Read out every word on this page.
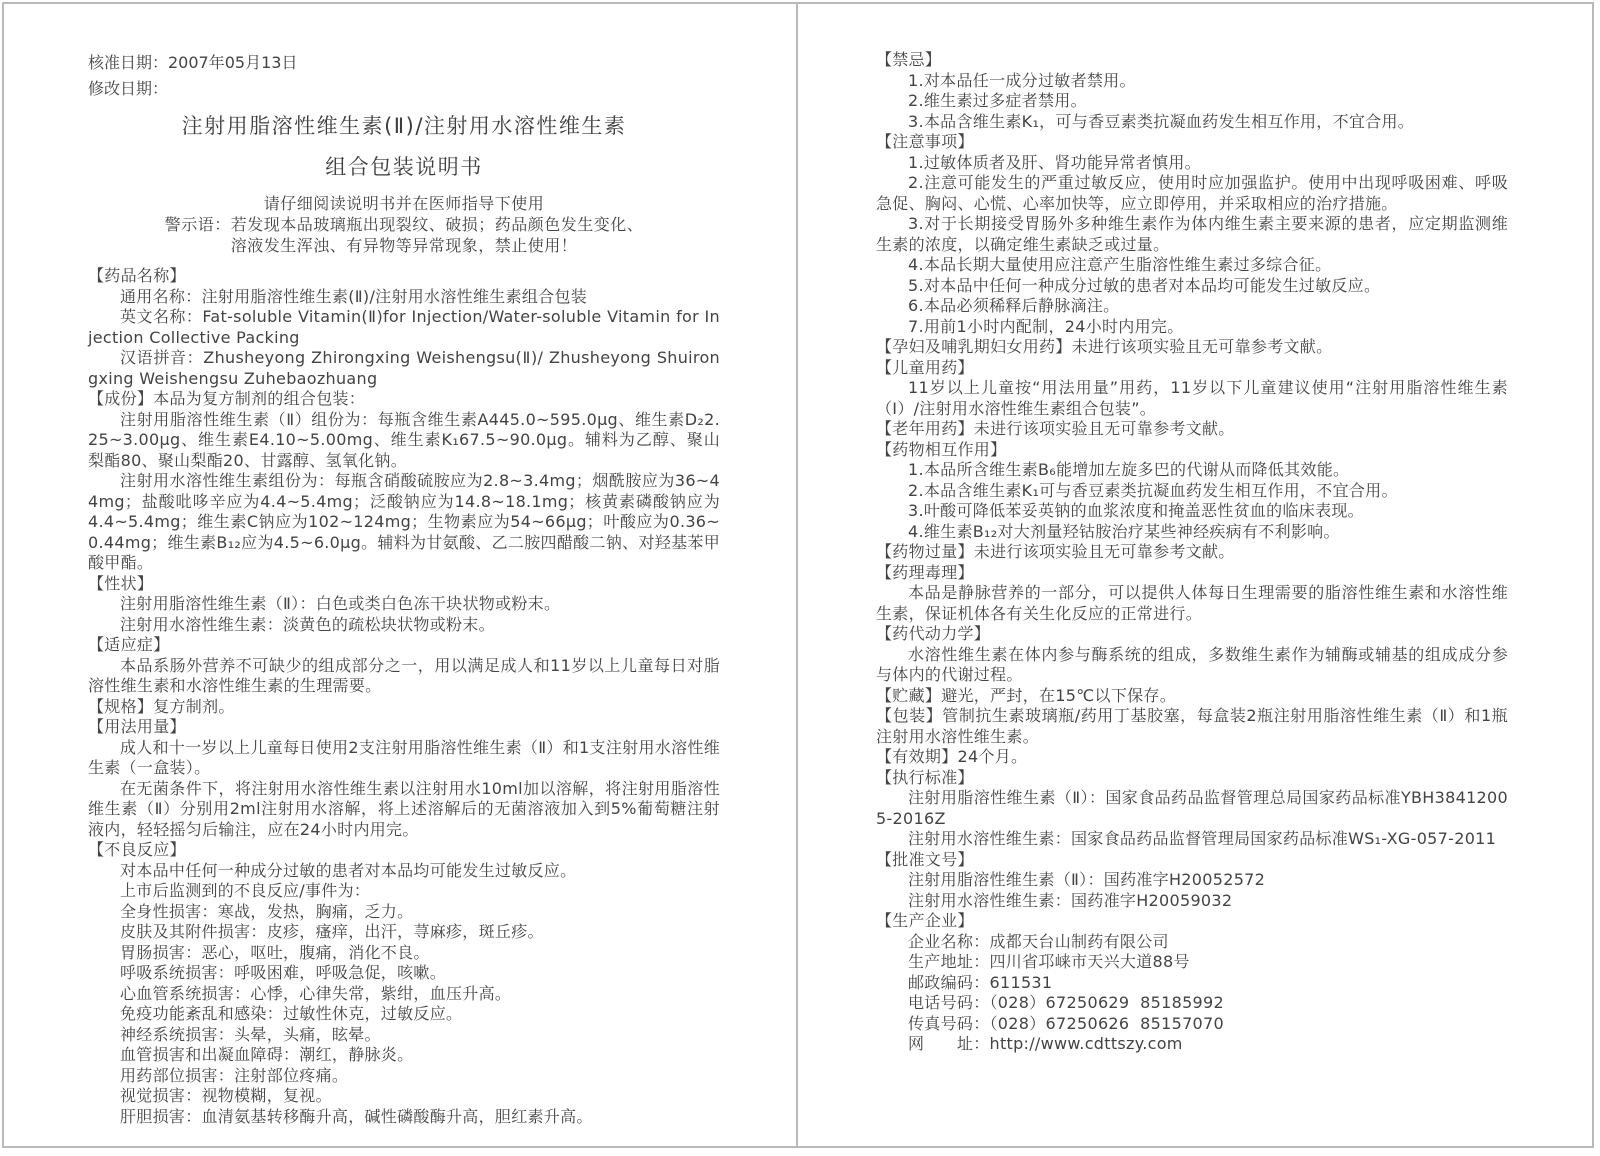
核准日期：2007年05月13日
修改日期：
注射用脂溶性维生素(Ⅱ)/注射用水溶性维生素
组合包装说明书
请仔细阅读说明书并在医师指导下使用
警示语：若发现本品玻璃瓶出现裂纹、破损；药品颜色发生变化、
溶液发生浑浊、有异物等异常现象，禁止使用！

【药品名称】

通用名称：注射用脂溶性维生素(Ⅱ)/注射用水溶性维生素组合包装

英文名称：Fat-soluble Vitamin(Ⅱ)for Injection/Water-soluble Vitamin for Injection Collective Packing

汉语拼音：Zhusheyong Zhirongxing Weishengsu(Ⅱ)/ Zhusheyong Shuirongxing Weishengsu Zuhebaozhuang

【成份】本品为复方制剂的组合包装：

注射用脂溶性维生素（Ⅱ）组份为：每瓶含维生素A445.0~595.0μg、维生素D₂2.25~3.00μg、维生素E4.10~5.00mg、维生素K₁67.5~90.0μg。辅料为乙醇、聚山梨酯80、聚山梨酯20、甘露醇、氢氧化钠。

注射用水溶性维生素组份为：每瓶含硝酸硫胺应为2.8~3.4mg；烟酰胺应为36~44mg；盐酸吡哆辛应为4.4~5.4mg；泛酸钠应为14.8~18.1mg；核黄素磷酸钠应为4.4~5.4mg；维生素C钠应为102~124mg；生物素应为54~66μg；叶酸应为0.36~0.44mg；维生素B₁₂应为4.5~6.0μg。辅料为甘氨酸、乙二胺四醋酸二钠、对羟基苯甲酸甲酯。

【性状】

注射用脂溶性维生素（Ⅱ）：白色或类白色冻干块状物或粉末。

注射用水溶性维生素：淡黄色的疏松块状物或粉末。

【适应症】

本品系肠外营养不可缺少的组成部分之一，用以满足成人和11岁以上儿童每日对脂溶性维生素和水溶性维生素的生理需要。

【规格】复方制剂。

【用法用量】

成人和十一岁以上儿童每日使用2支注射用脂溶性维生素（Ⅱ）和1支注射用水溶性维生素（一盒装）。

在无菌条件下，将注射用水溶性维生素以注射用水10ml加以溶解，将注射用脂溶性维生素（Ⅱ）分别用2ml注射用水溶解，将上述溶解后的无菌溶液加入到5%葡萄糖注射液内，轻轻摇匀后输注，应在24小时内用完。

【不良反应】

对本品中任何一种成分过敏的患者对本品均可能发生过敏反应。

上市后监测到的不良反应/事件为：

全身性损害：寒战，发热，胸痛，乏力。

皮肤及其附件损害：皮疹，瘙痒，出汗，荨麻疹，斑丘疹。

胃肠损害：恶心，呕吐，腹痛，消化不良。

呼吸系统损害：呼吸困难，呼吸急促，咳嗽。

心血管系统损害：心悸，心律失常，紫绀，血压升高。

免疫功能紊乱和感染：过敏性休克，过敏反应。

神经系统损害：头晕，头痛，眩晕。

血管损害和出凝血障碍：潮红，静脉炎。

用药部位损害：注射部位疼痛。

视觉损害：视物模糊，复视。

肝胆损害：血清氨基转移酶升高，碱性磷酸酶升高，胆红素升高。

【禁忌】

1.对本品任一成分过敏者禁用。

2.维生素过多症者禁用。

3.本品含维生素K₁，可与香豆素类抗凝血药发生相互作用，不宜合用。

【注意事项】

1.过敏体质者及肝、肾功能异常者慎用。

2.注意可能发生的严重过敏反应，使用时应加强监护。使用中出现呼吸困难、呼吸急促、胸闷、心慌、心率加快等，应立即停用，并采取相应的治疗措施。

3.对于长期接受胃肠外多种维生素作为体内维生素主要来源的患者，应定期监测维生素的浓度，以确定维生素缺乏或过量。

4.本品长期大量使用应注意产生脂溶性维生素过多综合征。

5.对本品中任何一种成分过敏的患者对本品均可能发生过敏反应。

6.本品必须稀释后静脉滴注。

7.用前1小时内配制，24小时内用完。

【孕妇及哺乳期妇女用药】未进行该项实验且无可靠参考文献。

【儿童用药】

11岁以上儿童按“用法用量”用药，11岁以下儿童建议使用“注射用脂溶性维生素（Ⅰ）/注射用水溶性维生素组合包装”。

【老年用药】未进行该项实验且无可靠参考文献。

【药物相互作用】

1.本品所含维生素B₆能增加左旋多巴的代谢从而降低其效能。

2.本品含维生素K₁可与香豆素类抗凝血药发生相互作用，不宜合用。

3.叶酸可降低苯妥英钠的血浆浓度和掩盖恶性贫血的临床表现。

4.维生素B₁₂对大剂量羟钴胺治疗某些神经疾病有不利影响。

【药物过量】未进行该项实验且无可靠参考文献。

【药理毒理】

本品是静脉营养的一部分，可以提供人体每日生理需要的脂溶性维生素和水溶性维生素，保证机体各有关生化反应的正常进行。

【药代动力学】

水溶性维生素在体内参与酶系统的组成，多数维生素作为辅酶或辅基的组成成分参与体内的代谢过程。

【贮藏】避光，严封，在15℃以下保存。

【包装】管制抗生素玻璃瓶/药用丁基胶塞，每盒装2瓶注射用脂溶性维生素（Ⅱ）和1瓶注射用水溶性维生素。

【有效期】24个月。

【执行标准】

注射用脂溶性维生素（Ⅱ）：国家食品药品监督管理总局国家药品标准YBH38412005-2016Z

注射用水溶性维生素：国家食品药品监督管理局国家药品标准WS₁-XG-057-2011

【批准文号】

注射用脂溶性维生素（Ⅱ）：国药准字H20052572

注射用水溶性维生素：国药准字H20059032

【生产企业】

企业名称：成都天台山制药有限公司

生产地址：四川省邛崃市天兴大道88号

邮政编码：611531

电话号码：（028）67250629  85185992

传真号码：（028）67250626  85157070

网　　址：http://www.cdttszy.com
